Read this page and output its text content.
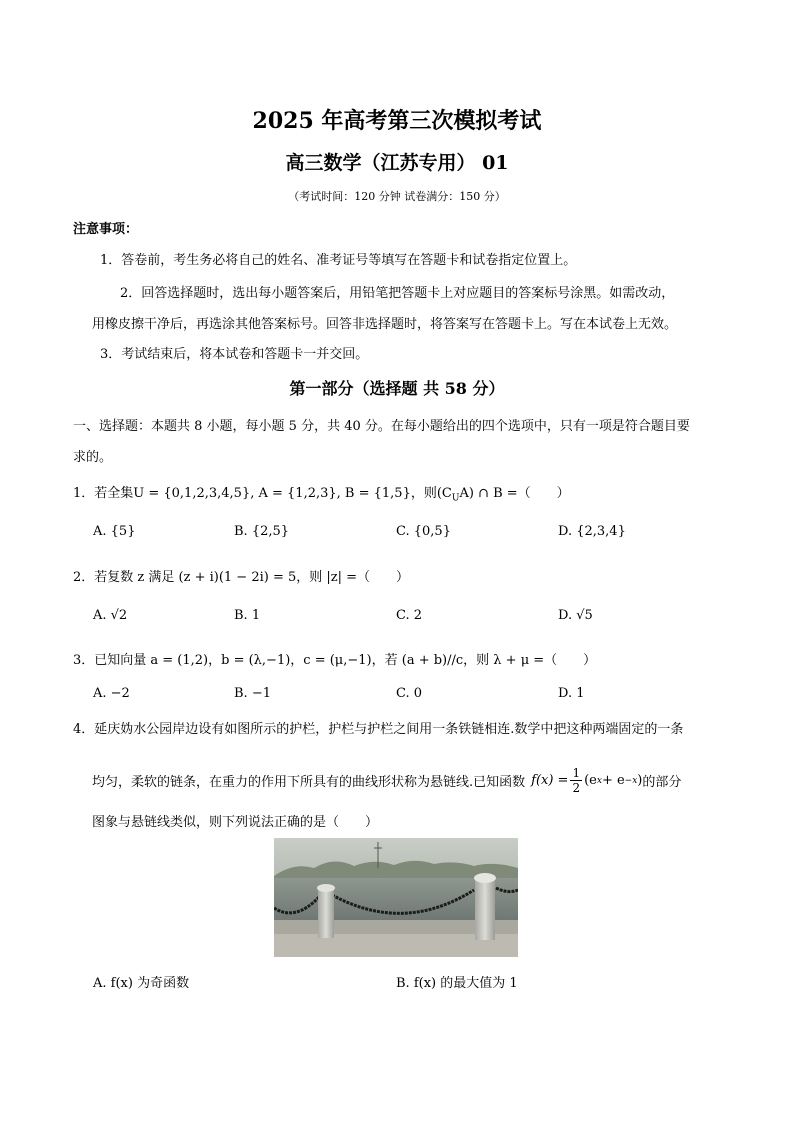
2025 年高考第三次模拟考试
高三数学（江苏专用） 01
（考试时间：120 分钟 试卷满分：150 分）
注意事项：
1．答卷前，考生务必将自己的姓名、准考证号等填写在答题卡和试卷指定位置上。
2．回答选择题时，选出每小题答案后，用铅笔把答题卡上对应题目的答案标号涂黑。如需改动，
用橡皮擦干净后，再选涂其他答案标号。回答非选择题时，将答案写在答题卡上。写在本试卷上无效。
3．考试结束后，将本试卷和答题卡一并交回。
第一部分（选择题 共 58 分）
一、选择题：本题共 8 小题，每小题 5 分，共 40 分。在每小题给出的四个选项中，只有一项是符合题目要
求的。
1．若全集U = {0,1,2,3,4,5}, A = {1,2,3}, B = {1,5}，则$(C_UA)$ ∩ B =（　　）
A. {5}	B. {2,5}	C. {0,5}	D. {2,3,4}
2．若复数 z 满足 (z + i)(1 − 2i) = 5，则 |z| =（　　）
A. √2	B. 1	C. 2	D. √5
3．已知向量 a = (1,2)，b = (λ,−1)，c = (μ,−1)，若 (a + b)//c，则 λ + μ =（　　）
A. −2	B. −1	C. 0	D. 1
4．延庆妫水公园岸边设有如图所示的护栏，护栏与护栏之间用一条铁链相连.数学中把这种两端固定的一条
均匀，柔软的链条，在重力的作用下所具有的曲线形状称为悬链线.已知函数 $f(x) = \frac{1}{2} (e$ x + e −x ) 的部分
图象与悬链线类似，则下列说法正确的是（　　）
A. f(x) 为奇函数	B. f(x) 的最大值为 1
